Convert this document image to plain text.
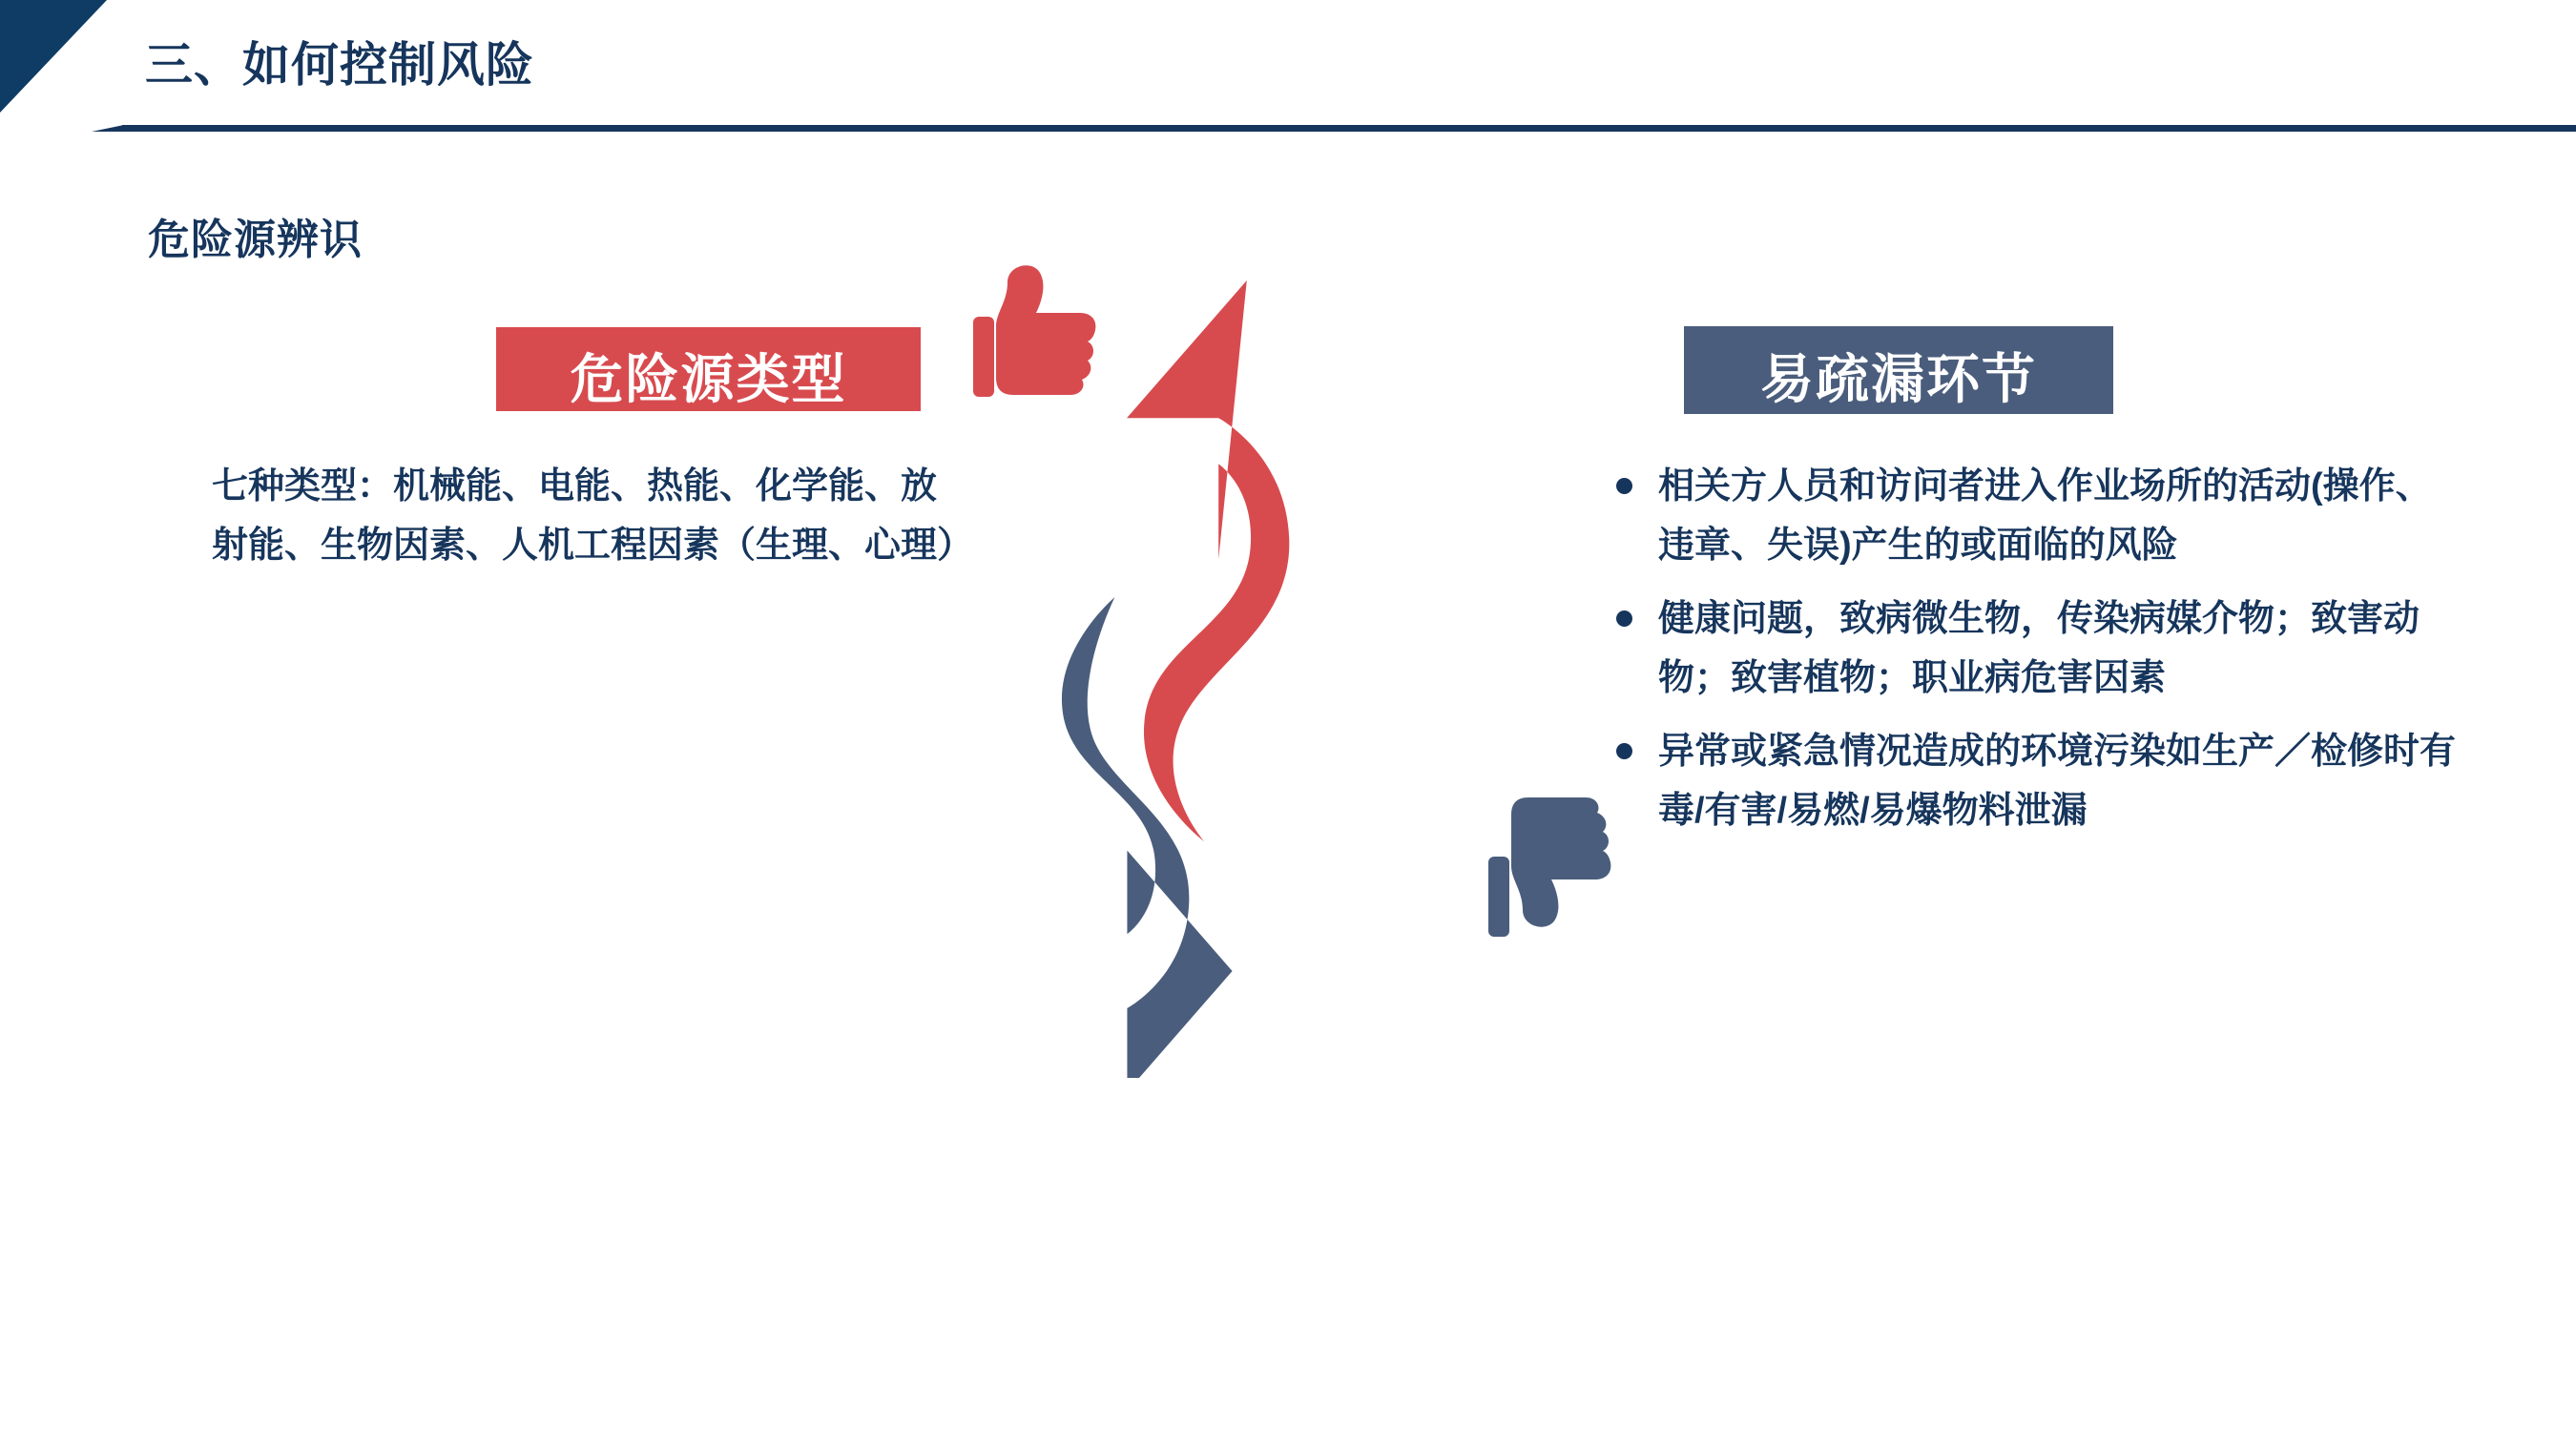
三、如何控制风险
危险源辨识
危险源类型
七种类型：机械能、电能、热能、化学能、放射能、生物因素、人机工程因素（生理、心理）
易疏漏环节
相关方人员和访问者进入作业场所的活动(操作、违章、失误)产生的或面临的风险
健康问题，致病微生物，传染病媒介物；致害动物；致害植物；职业病危害因素
异常或紧急情况造成的环境污染如生产／检修时有毒/有害/易燃/易爆物料泄漏
